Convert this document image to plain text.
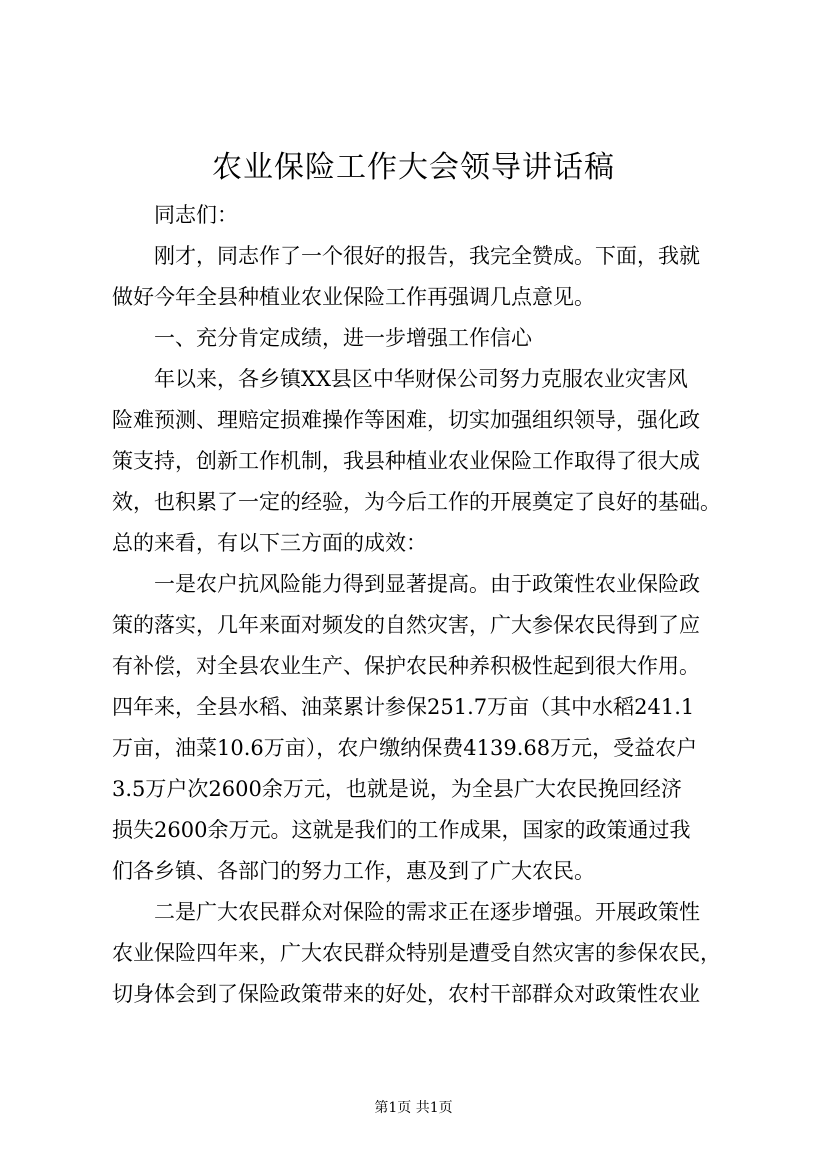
农业保险工作大会领导讲话稿
同志们：
刚才，同志作了一个很好的报告，我完全赞成。下面，我就
做好今年全县种植业农业保险工作再强调几点意见。
一、充分肯定成绩，进一步增强工作信心
年以来，各乡镇XX县区中华财保公司努力克服农业灾害风
险难预测、理赔定损难操作等困难，切实加强组织领导，强化政
策支持，创新工作机制，我县种植业农业保险工作取得了很大成
效，也积累了一定的经验，为今后工作的开展奠定了良好的基础。
总的来看，有以下三方面的成效：
一是农户抗风险能力得到显著提高。由于政策性农业保险政
策的落实，几年来面对频发的自然灾害，广大参保农民得到了应
有补偿，对全县农业生产、保护农民种养积极性起到很大作用。
四年来，全县水稻、油菜累计参保251.7万亩（其中水稻241.1
万亩，油菜10.6万亩），农户缴纳保费4139.68万元，受益农户
3.5万户次2600余万元，也就是说，为全县广大农民挽回经济
损失2600余万元。这就是我们的工作成果，国家的政策通过我
们各乡镇、各部门的努力工作，惠及到了广大农民。
二是广大农民群众对保险的需求正在逐步增强。开展政策性
农业保险四年来，广大农民群众特别是遭受自然灾害的参保农民，
切身体会到了保险政策带来的好处，农村干部群众对政策性农业
第1页 共1页
